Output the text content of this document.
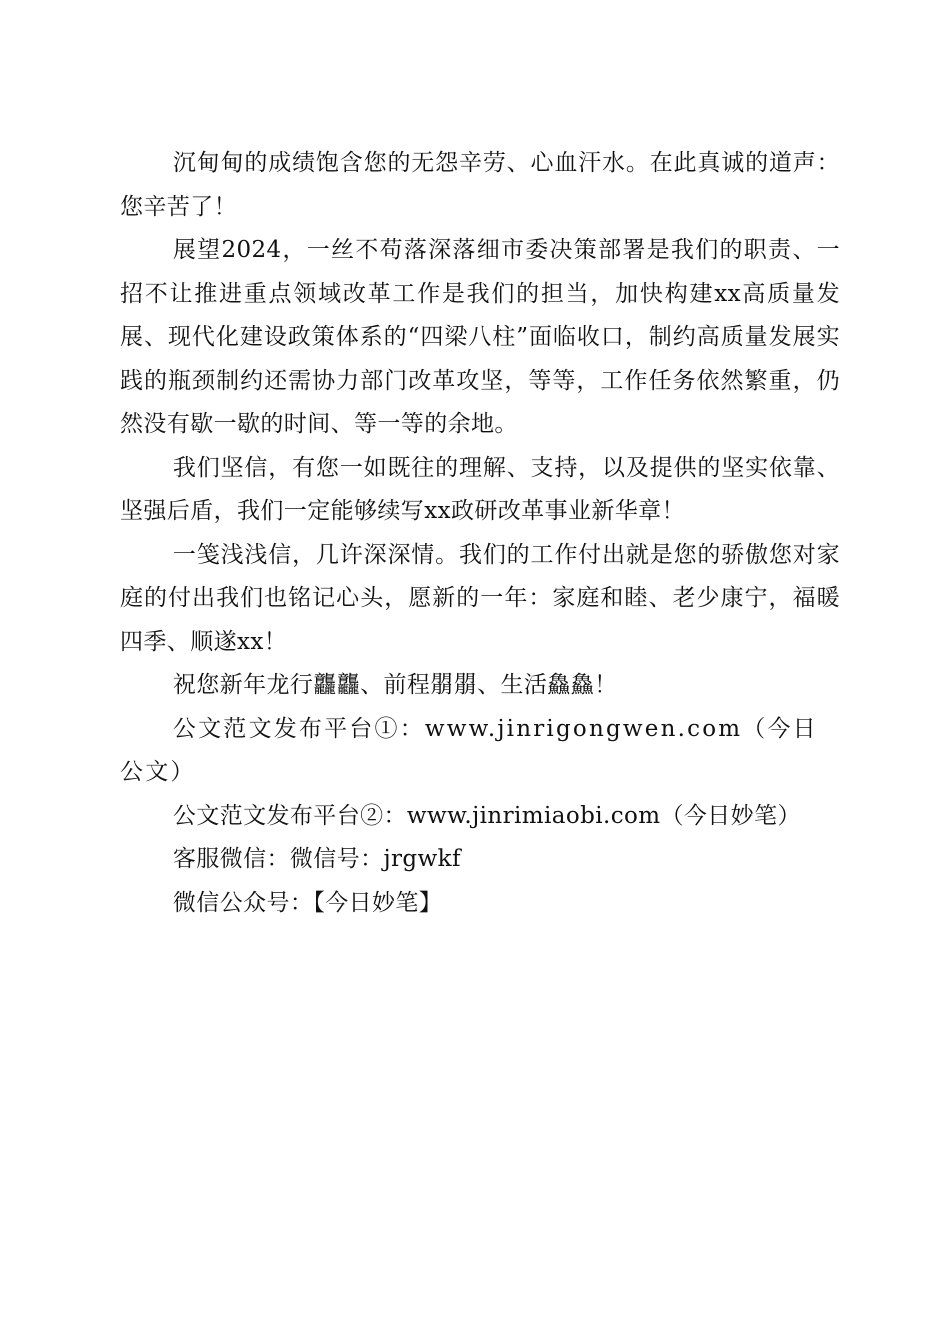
沉甸甸的成绩饱含您的无怨辛劳、心血汗水。在此真诚的道声：您辛苦了！

展望2024，一丝不苟落深落细市委决策部署是我们的职责、一招不让推进重点领域改革工作是我们的担当，加快构建xx高质量发展、现代化建设政策体系的“四梁八柱”面临收口，制约高质量发展实践的瓶颈制约还需协力部门改革攻坚，等等，工作任务依然繁重，仍然没有歇一歇的时间、等一等的余地。

我们坚信，有您一如既往的理解、支持，以及提供的坚实依靠、坚强后盾，我们一定能够续写xx政研改革事业新华章！

一笺浅浅信，几许深深情。我们的工作付出就是您的骄傲您对家庭的付出我们也铭记心头，愿新的一年：家庭和睦、老少康宁，福暖四季、顺遂xx！

祝您新年龙行龘龘、前程朤朤、生活鱻鱻！

公文范文发布平台①：www.jinrigongwen.com（今日公文）

公文范文发布平台②：www.jinrimiaobi.com（今日妙笔）

客服微信：微信号：jrgwkf

微信公众号：【今日妙笔】
